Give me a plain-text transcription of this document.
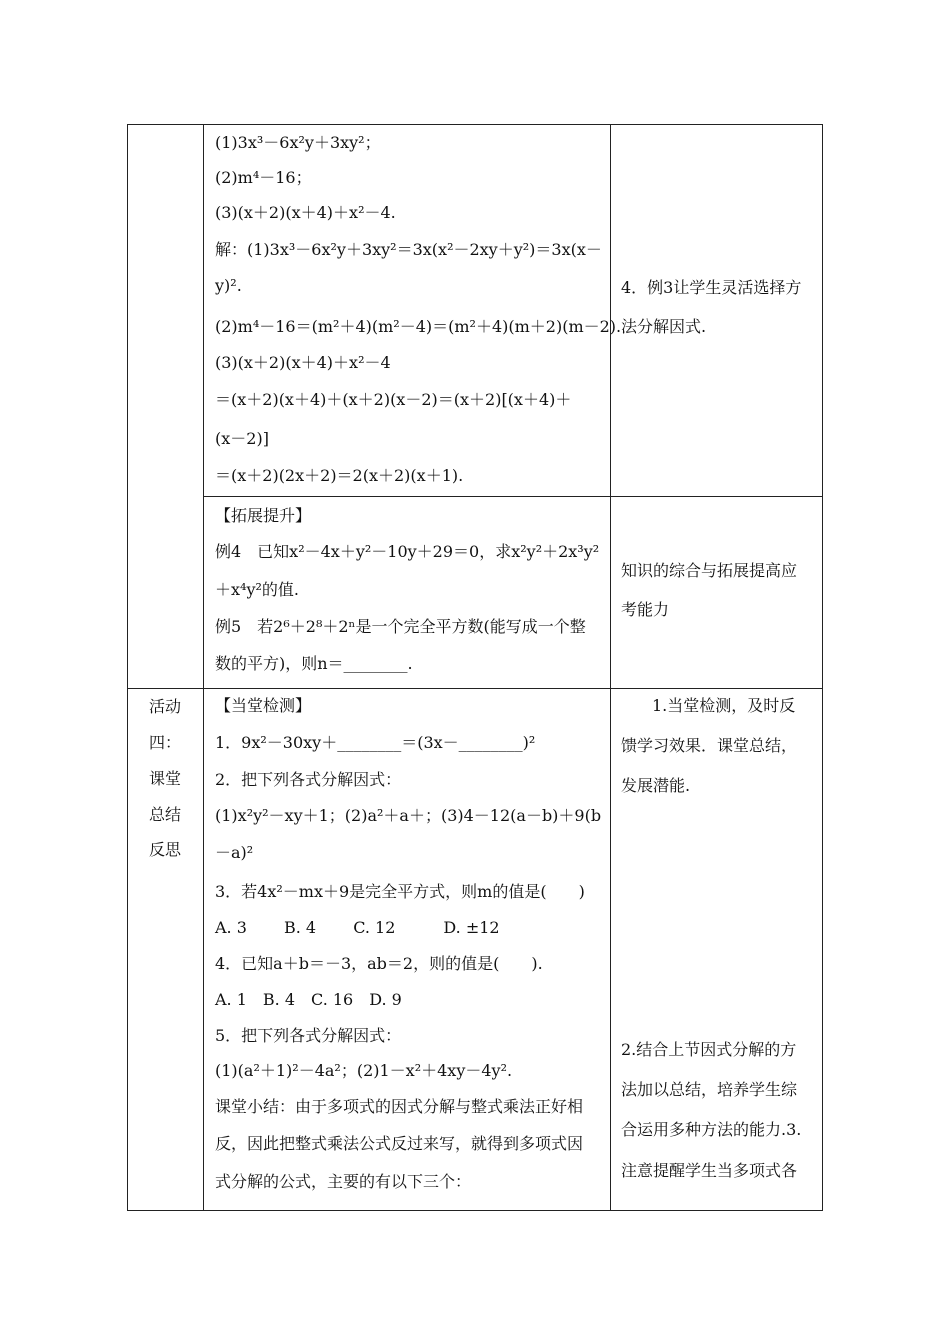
(1)3x³－6x²y＋3xy²；
(2)m⁴－16；
(3)(x＋2)(x＋4)＋x²－4.
解：(1)3x³－6x²y＋3xy²＝3x(x²－2xy＋y²)＝3x(x－
y)².
(2)m⁴－16＝(m²＋4)(m²－4)＝(m²＋4)(m＋2)(m－2).
(3)(x＋2)(x＋4)＋x²－4
＝(x＋2)(x＋4)＋(x＋2)(x－2)＝(x＋2)[(x＋4)＋
(x－2)]
＝(x＋2)(2x＋2)＝2(x＋2)(x＋1).
4．例3让学生灵活选择方
法分解因式.
【拓展提升】
例4　已知x²－4x＋y²－10y＋29＝0，求x²y²＋2x³y²
＋x⁴y²的值.
例5　若2⁶＋2⁸＋2ⁿ是一个完全平方数(能写成一个整
数的平方)，则n＝________.
知识的综合与拓展提高应
考能力
活动
四：
课堂
总结
反思
【当堂检测】
1．9x²－30xy＋________＝(3x－________)²
2．把下列各式分解因式：
(1)x²y²－xy＋1；(2)a²＋a＋；(3)4－12(a－b)＋9(b
－a)²
3．若4x²－mx＋9是完全平方式，则m的值是(　　)
A. 3　　 B. 4　　 C. 12　　　D. ±12
4．已知a＋b＝－3，ab＝2，则的值是(　　).
A. 1　B. 4　C. 16　D. 9
5．把下列各式分解因式：
(1)(a²＋1)²－4a²；(2)1－x²＋4xy－4y².
课堂小结：由于多项式的因式分解与整式乘法正好相
反，因此把整式乘法公式反过来写，就得到多项式因
式分解的公式，主要的有以下三个：
1.当堂检测，及时反
馈学习效果．课堂总结，
发展潜能.
2.结合上节因式分解的方
法加以总结，培养学生综
合运用多种方法的能力.3.
注意提醒学生当多项式各
